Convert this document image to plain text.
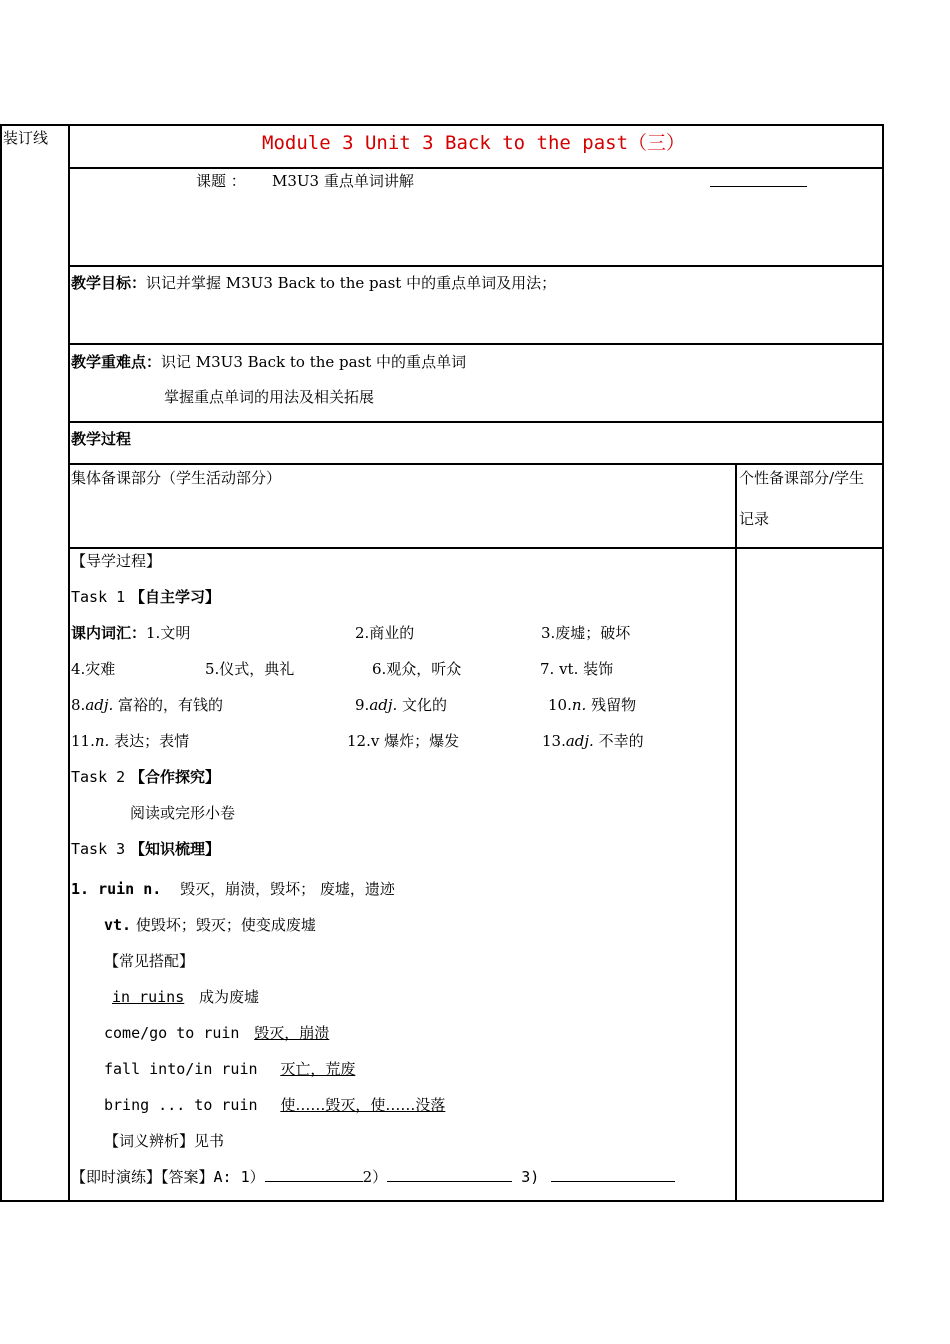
装订线	Module 3 Unit 3 Back to the past（三）
课题 ： M3U3 重点单词讲解
教学目标：识记并掌握 M3U3 Back to the past 中的重点单词及用法；
教学重难点：识记 M3U3 Back to the past 中的重点单词
掌握重点单词的用法及相关拓展
教学过程
集体备课部分（学生活动部分）	个性备课部分/学生
记录
【导学过程】
Task 1 【自主学习】
课内词汇：1.文明	2.商业的	3.废墟；破坏
4.灾难	5.仪式，典礼	6.观众，听众	7. vt. 装饰
8.adj. 富裕的，有钱的	9.adj. 文化的	10.n. 残留物
11.n. 表达；表情	12.v 爆炸；爆发	13.adj. 不幸的
Task 2 【合作探究】
阅读或完形小卷
Task 3 【知识梳理】
1. ruin n. 毁灭，崩溃，毁坏； 废墟，遗迹
vt. 使毁坏；毁灭；使变成废墟
【常见搭配】
in ruins 成为废墟
come/go to ruin 毁灭，崩溃
fall into/in ruin 灭亡，荒废
bring ... to ruin 使……毁灭，使……没落
【词义辨析】见书
【即时演练】【答案】A: 1）	2）	3)
